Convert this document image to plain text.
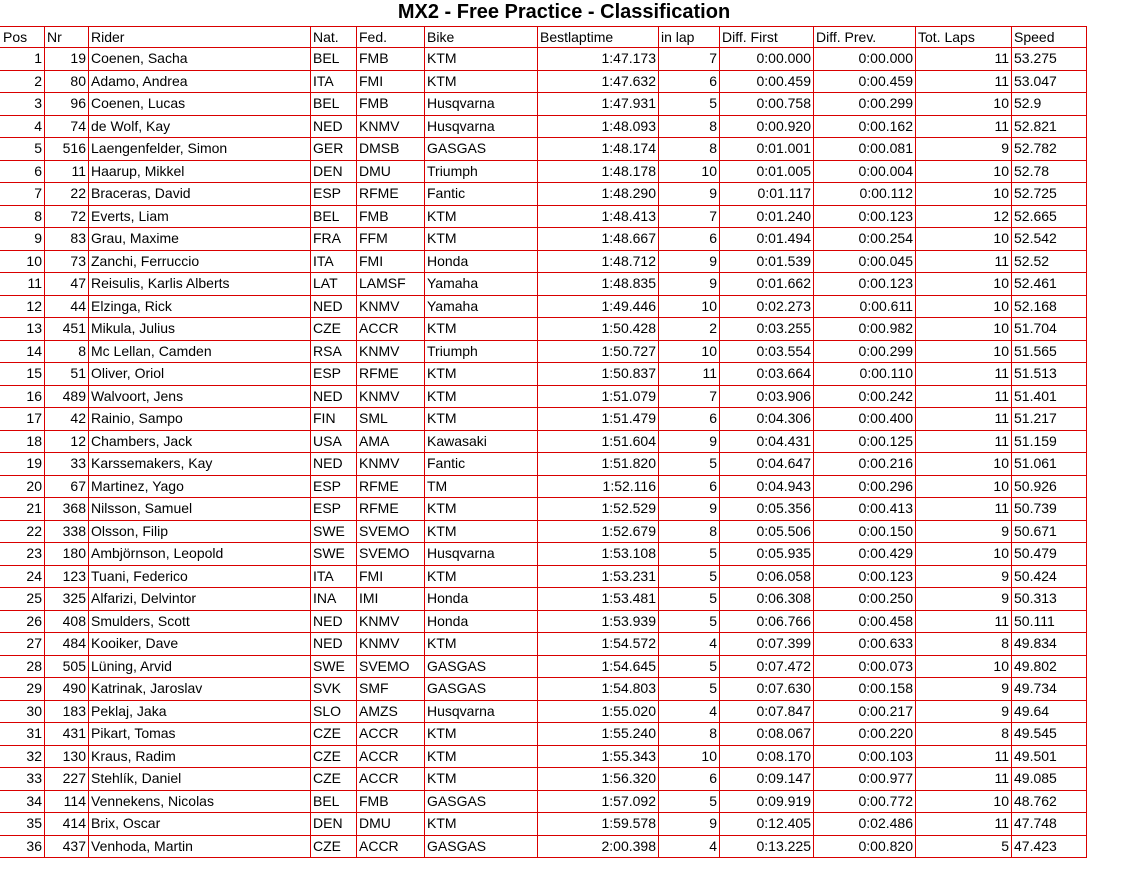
MX2 - Free Practice - Classification
Pos	Nr	Rider	Nat.	Fed.	Bike	Bestlaptime	in lap	Diff. First	Diff. Prev.	Tot. Laps	Speed
1	19	Coenen, Sacha	BEL	FMB	KTM	1:47.173	7	0:00.000	0:00.000	11	53.275
2	80	Adamo, Andrea	ITA	FMI	KTM	1:47.632	6	0:00.459	0:00.459	11	53.047
3	96	Coenen, Lucas	BEL	FMB	Husqvarna	1:47.931	5	0:00.758	0:00.299	10	52.9
4	74	de Wolf, Kay	NED	KNMV	Husqvarna	1:48.093	8	0:00.920	0:00.162	11	52.821
5	516	Laengenfelder, Simon	GER	DMSB	GASGAS	1:48.174	8	0:01.001	0:00.081	9	52.782
6	11	Haarup, Mikkel	DEN	DMU	Triumph	1:48.178	10	0:01.005	0:00.004	10	52.78
7	22	Braceras, David	ESP	RFME	Fantic	1:48.290	9	0:01.117	0:00.112	10	52.725
8	72	Everts, Liam	BEL	FMB	KTM	1:48.413	7	0:01.240	0:00.123	12	52.665
9	83	Grau, Maxime	FRA	FFM	KTM	1:48.667	6	0:01.494	0:00.254	10	52.542
10	73	Zanchi, Ferruccio	ITA	FMI	Honda	1:48.712	9	0:01.539	0:00.045	11	52.52
11	47	Reisulis, Karlis Alberts	LAT	LAMSF	Yamaha	1:48.835	9	0:01.662	0:00.123	10	52.461
12	44	Elzinga, Rick	NED	KNMV	Yamaha	1:49.446	10	0:02.273	0:00.611	10	52.168
13	451	Mikula, Julius	CZE	ACCR	KTM	1:50.428	2	0:03.255	0:00.982	10	51.704
14	8	Mc Lellan, Camden	RSA	KNMV	Triumph	1:50.727	10	0:03.554	0:00.299	10	51.565
15	51	Oliver, Oriol	ESP	RFME	KTM	1:50.837	11	0:03.664	0:00.110	11	51.513
16	489	Walvoort, Jens	NED	KNMV	KTM	1:51.079	7	0:03.906	0:00.242	11	51.401
17	42	Rainio, Sampo	FIN	SML	KTM	1:51.479	6	0:04.306	0:00.400	11	51.217
18	12	Chambers, Jack	USA	AMA	Kawasaki	1:51.604	9	0:04.431	0:00.125	11	51.159
19	33	Karssemakers, Kay	NED	KNMV	Fantic	1:51.820	5	0:04.647	0:00.216	10	51.061
20	67	Martinez, Yago	ESP	RFME	TM	1:52.116	6	0:04.943	0:00.296	10	50.926
21	368	Nilsson, Samuel	ESP	RFME	KTM	1:52.529	9	0:05.356	0:00.413	11	50.739
22	338	Olsson, Filip	SWE	SVEMO	KTM	1:52.679	8	0:05.506	0:00.150	9	50.671
23	180	Ambjörnson, Leopold	SWE	SVEMO	Husqvarna	1:53.108	5	0:05.935	0:00.429	10	50.479
24	123	Tuani, Federico	ITA	FMI	KTM	1:53.231	5	0:06.058	0:00.123	9	50.424
25	325	Alfarizi, Delvintor	INA	IMI	Honda	1:53.481	5	0:06.308	0:00.250	9	50.313
26	408	Smulders, Scott	NED	KNMV	Honda	1:53.939	5	0:06.766	0:00.458	11	50.111
27	484	Kooiker, Dave	NED	KNMV	KTM	1:54.572	4	0:07.399	0:00.633	8	49.834
28	505	Lüning, Arvid	SWE	SVEMO	GASGAS	1:54.645	5	0:07.472	0:00.073	10	49.802
29	490	Katrinak, Jaroslav	SVK	SMF	GASGAS	1:54.803	5	0:07.630	0:00.158	9	49.734
30	183	Peklaj, Jaka	SLO	AMZS	Husqvarna	1:55.020	4	0:07.847	0:00.217	9	49.64
31	431	Pikart, Tomas	CZE	ACCR	KTM	1:55.240	8	0:08.067	0:00.220	8	49.545
32	130	Kraus, Radim	CZE	ACCR	KTM	1:55.343	10	0:08.170	0:00.103	11	49.501
33	227	Stehlík, Daniel	CZE	ACCR	KTM	1:56.320	6	0:09.147	0:00.977	11	49.085
34	114	Vennekens, Nicolas	BEL	FMB	GASGAS	1:57.092	5	0:09.919	0:00.772	10	48.762
35	414	Brix, Oscar	DEN	DMU	KTM	1:59.578	9	0:12.405	0:02.486	11	47.748
36	437	Venhoda, Martin	CZE	ACCR	GASGAS	2:00.398	4	0:13.225	0:00.820	5	47.423
